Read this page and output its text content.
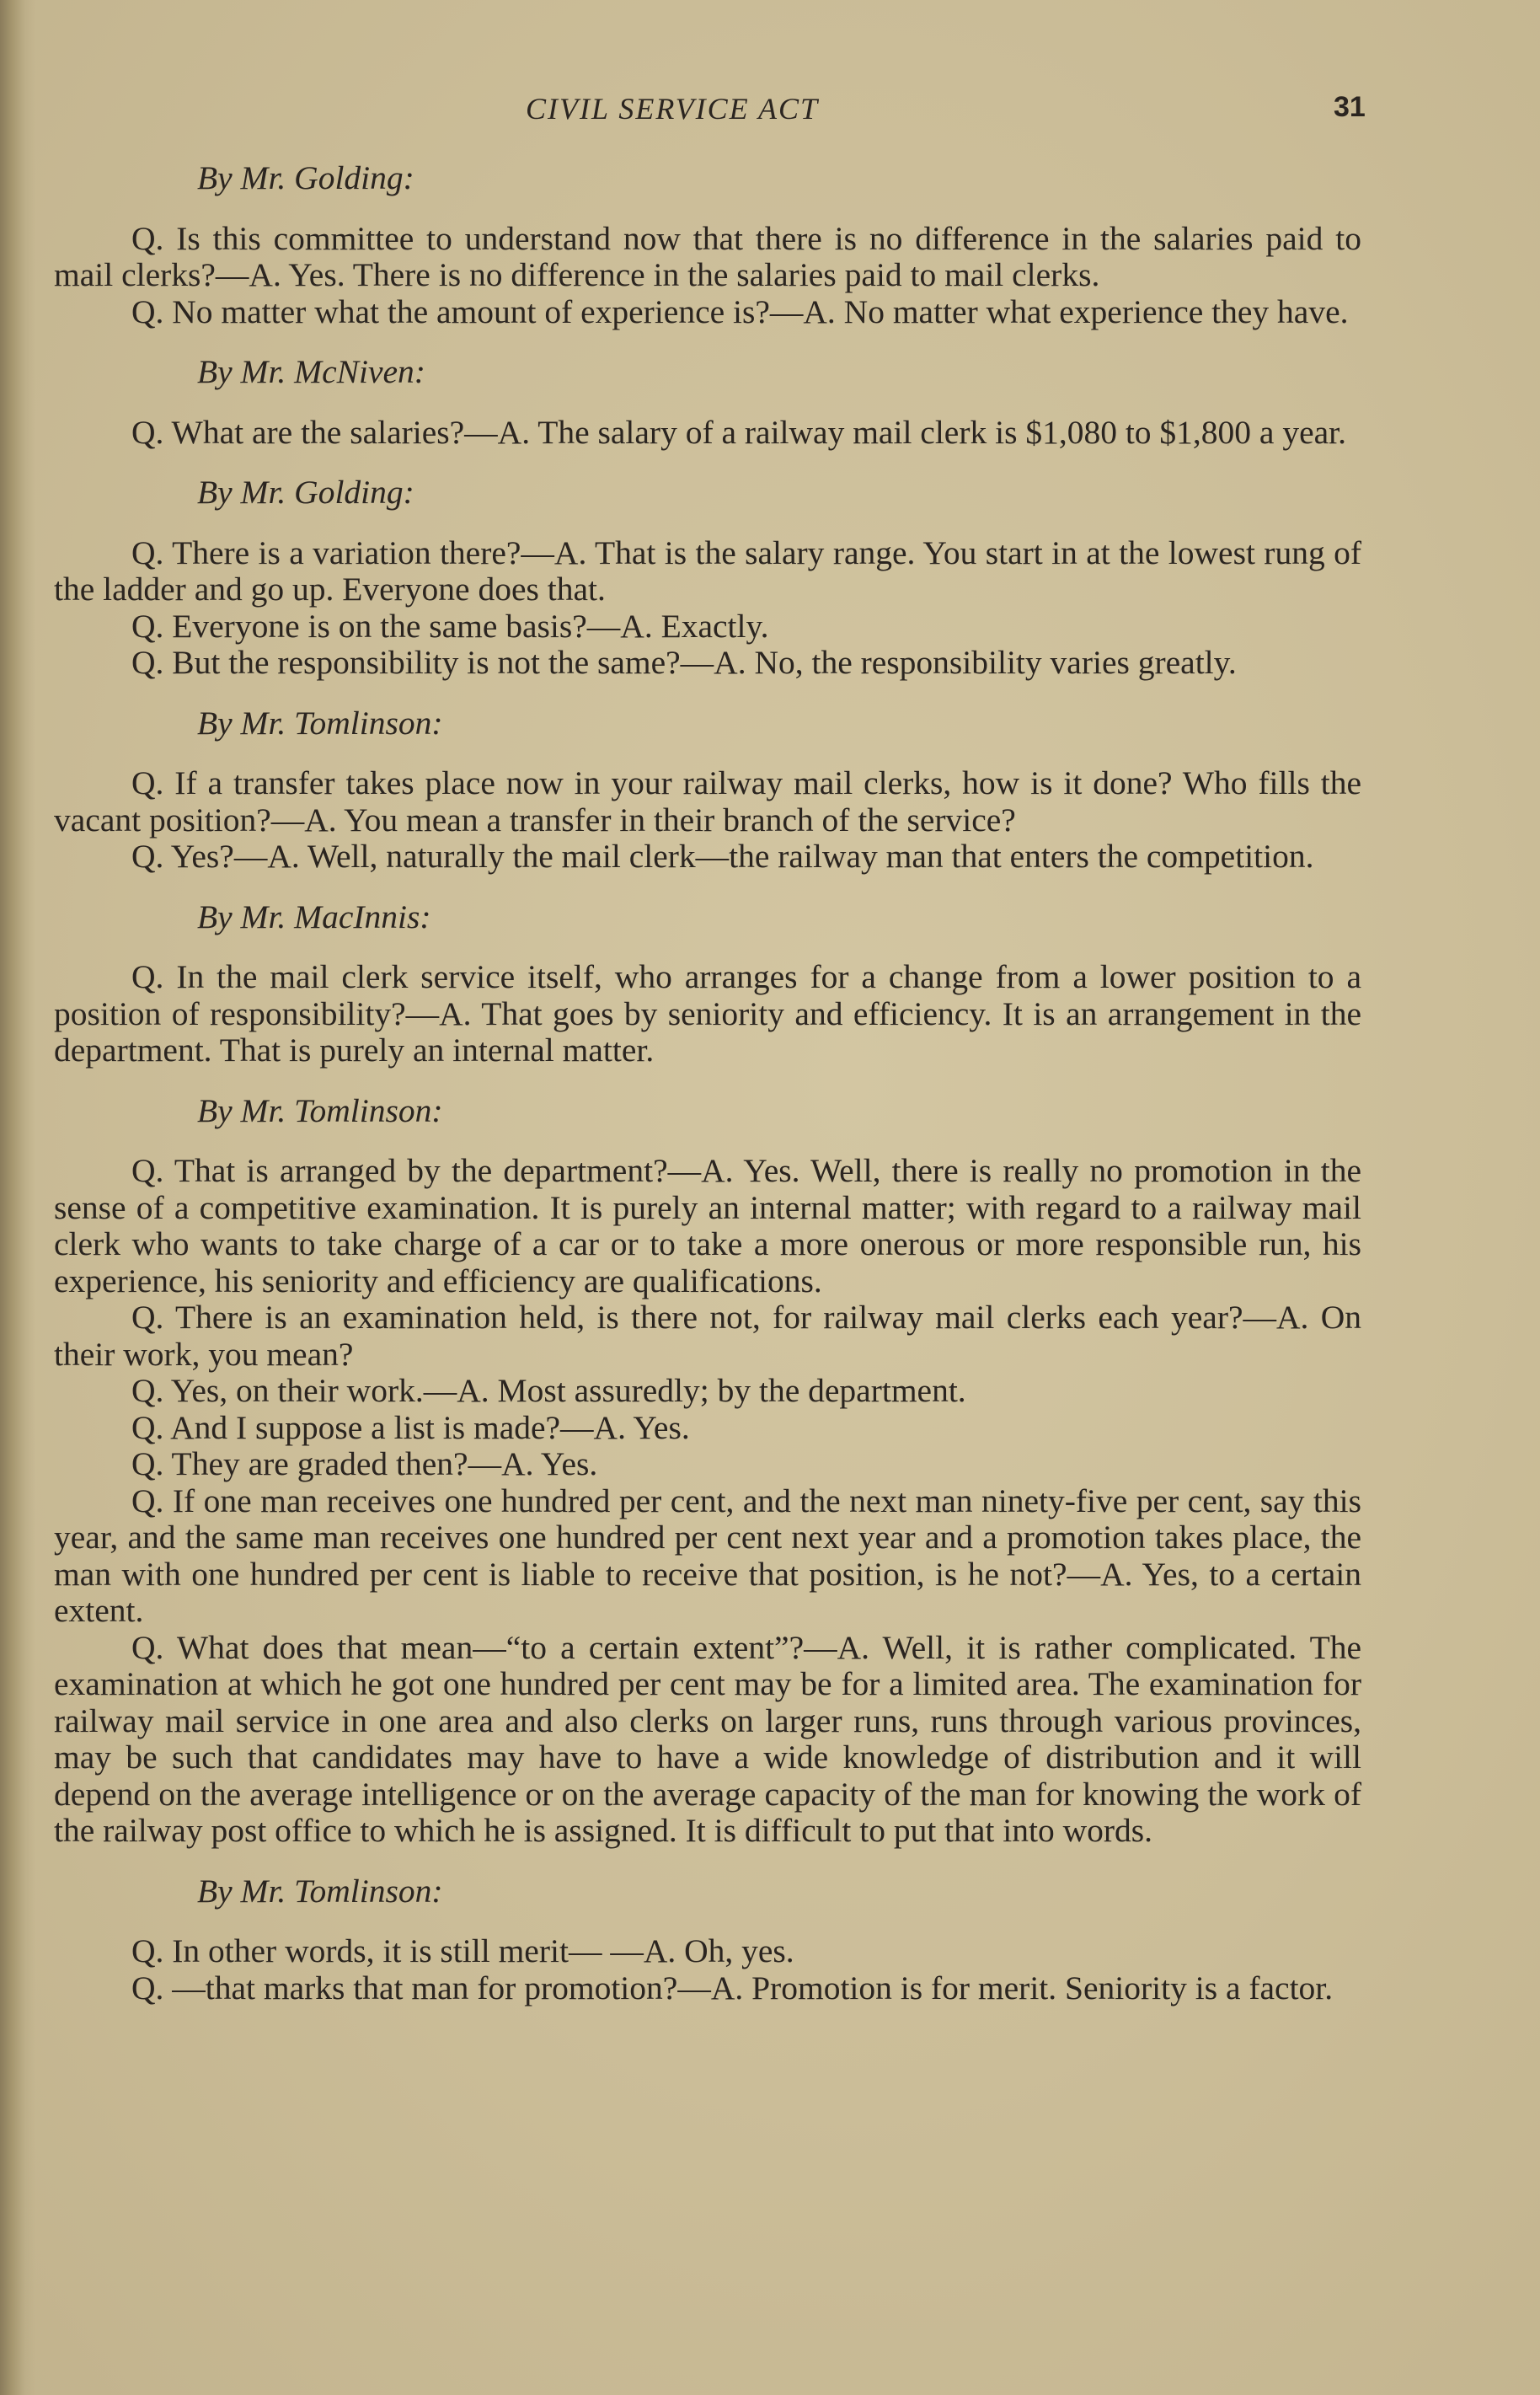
CIVIL SERVICE ACT	31
By Mr. Golding:

Q. Is this committee to understand now that there is no difference in the salaries paid to mail clerks?—A. Yes. There is no difference in the salaries paid to mail clerks.

Q. No matter what the amount of experience is?—A. No matter what experience they have.

By Mr. McNiven:

Q. What are the salaries?—A. The salary of a railway mail clerk is $1,080 to $1,800 a year.

By Mr. Golding:

Q. There is a variation there?—A. That is the salary range. You start in at the lowest rung of the ladder and go up. Everyone does that.

Q. Everyone is on the same basis?—A. Exactly.

Q. But the responsibility is not the same?—A. No, the responsibility varies greatly.

By Mr. Tomlinson:

Q. If a transfer takes place now in your railway mail clerks, how is it done? Who fills the vacant position?—A. You mean a transfer in their branch of the service?

Q. Yes?—A. Well, naturally the mail clerk—the railway man that enters the competition.

By Mr. MacInnis:

Q. In the mail clerk service itself, who arranges for a change from a lower position to a position of responsibility?—A. That goes by seniority and efficiency. It is an arrangement in the department. That is purely an internal matter.

By Mr. Tomlinson:

Q. That is arranged by the department?—A. Yes. Well, there is really no promotion in the sense of a competitive examination. It is purely an internal matter; with regard to a railway mail clerk who wants to take charge of a car or to take a more onerous or more responsible run, his experience, his seniority and efficiency are qualifications.

Q. There is an examination held, is there not, for railway mail clerks each year?—A. On their work, you mean?

Q. Yes, on their work.—A. Most assuredly; by the department.

Q. And I suppose a list is made?—A. Yes.

Q. They are graded then?—A. Yes.

Q. If one man receives one hundred per cent, and the next man ninety-five per cent, say this year, and the same man receives one hundred per cent next year and a promotion takes place, the man with one hundred per cent is liable to receive that position, is he not?—A. Yes, to a certain extent.

Q. What does that mean—“to a certain extent”?—A. Well, it is rather complicated. The examination at which he got one hundred per cent may be for a limited area. The examination for railway mail service in one area and also clerks on larger runs, runs through various provinces, may be such that candidates may have to have a wide knowledge of distribution and it will depend on the average intelligence or on the average capacity of the man for knowing the work of the railway post office to which he is assigned. It is difficult to put that into words.

By Mr. Tomlinson:

Q. In other words, it is still merit— —A. Oh, yes.

Q. —that marks that man for promotion?—A. Promotion is for merit. Seniority is a factor.
